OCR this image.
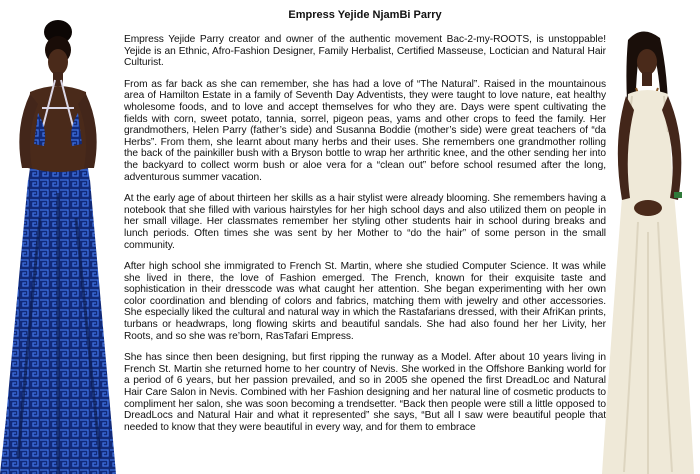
Empress Yejide NjamBi Parry

Empress Yejide Parry creator and owner of the authentic movement Bac-2-my-ROOTS, is unstoppable! Yejide is an Ethnic, Afro-Fashion Designer, Family Herbalist, Certified Masseuse, Loctician and Natural Hair Culturist.

From as far back as she can remember, she has had a love of “The Natural”. Raised in the mountainous area of Hamilton Estate in a family of Seventh Day Adventists, they were taught to love nature, eat healthy wholesome foods, and to love and accept themselves for who they are. Days were spent cultivating the fields with corn, sweet potato, tannia, sorrel, pigeon peas, yams and other crops to feed the family. Her grandmothers, Helen Parry (father’s side) and Susanna Boddie (mother’s side) were great teachers of “da Herbs”. From them, she learnt about many herbs and their uses. She remembers one grandmother rolling the back of the painkiller bush with a Bryson bottle to wrap her arthritic knee, and the other sending her into the backyard to collect worm bush or aloe vera for a “clean out” before school resumed after the long, adventurous summer vacation.

At the early age of about thirteen her skills as a hair stylist were already blooming. She remembers having a notebook that she filled with various hairstyles for her high school days and also utilized them on people in her small village. Her classmates remember her styling other students hair in school during breaks and lunch periods. Often times she was sent by her Mother to “do the hair” of some person in the small community.

After high school she immigrated to French St. Martin, where she studied Computer Science. It was while she lived in there, the love of Fashion emerged. The French, known for their exquisite taste and sophistication in their dresscode was what caught her attention. She began experimenting with her own color coordination and blending of colors and fabrics, matching them with jewelry and other accessories. She especially liked the cultural and natural way in which the Rastafarians dressed, with their AfriKan prints, turbans or headwraps, long flowing skirts and beautiful sandals. She had also found her her Livity, her Roots, and so she was re’born, RasTafari Empress.

She has since then been designing, but first ripping the runway as a Model. After about 10 years living in French St. Martin she returned home to her country of Nevis. She worked in the Offshore Banking world for a period of 6 years, but her passion prevailed, and so in 2005 she opened the first DreadLoc and Natural Hair Care Salon in Nevis. Combined with her Fashion designing and her natural line of cosmetic products to compliment her salon, she was soon becoming a trendsetter. “Back then people were still a little opposed to DreadLocs and Natural Hair and what it represented” she says, “But all I saw were beautiful people that needed to know that they were beautiful in every way, and for them to embrace
